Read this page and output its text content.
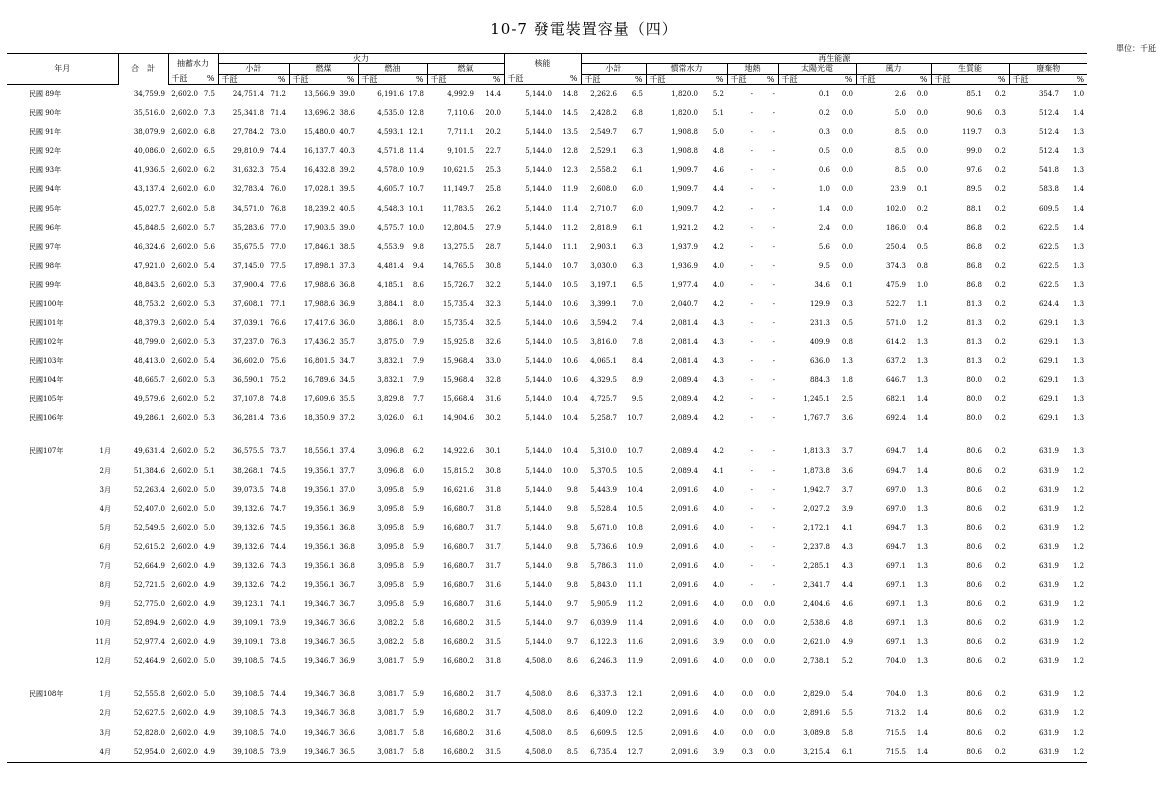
10-7 發電裝置容量（四）
單位：千瓩
年月		合　計	抽蓄水力		火力								核能		再生能源													
					小計		燃煤		燃油		燃氣				小計		慣常水力		地熱		太陽光電		風力		生質能		廢棄物	
			千瓩	%	千瓩	%	千瓩	%	千瓩	%	千瓩	%	千瓩	%	千瓩	%	千瓩	%	千瓩	%	千瓩	%	千瓩	%	千瓩	%	千瓩	%
民國 89年		34,759.9	2,602.0	7.5	24,751.4	71.2	13,566.9	39.0	6,191.6	17.8	4,992.9	14.4	5,144.0	14.8	2,262.6	6.5	1,820.0	5.2	-	-	0.1	0.0	2.6	0.0	85.1	0.2	354.7	1.0
民國 90年		35,516.0	2,602.0	7.3	25,341.8	71.4	13,696.2	38.6	4,535.0	12.8	7,110.6	20.0	5,144.0	14.5	2,428.2	6.8	1,820.0	5.1	-	-	0.2	0.0	5.0	0.0	90.6	0.3	512.4	1.4
民國 91年		38,079.9	2,602.0	6.8	27,784.2	73.0	15,480.0	40.7	4,593.1	12.1	7,711.1	20.2	5,144.0	13.5	2,549.7	6.7	1,908.8	5.0	-	-	0.3	0.0	8.5	0.0	119.7	0.3	512.4	1.3
民國 92年		40,086.0	2,602.0	6.5	29,810.9	74.4	16,137.7	40.3	4,571.8	11.4	9,101.5	22.7	5,144.0	12.8	2,529.1	6.3	1,908.8	4.8	-	-	0.5	0.0	8.5	0.0	99.0	0.2	512.4	1.3
民國 93年		41,936.5	2,602.0	6.2	31,632.3	75.4	16,432.8	39.2	4,578.0	10.9	10,621.5	25.3	5,144.0	12.3	2,558.2	6.1	1,909.7	4.6	-	-	0.6	0.0	8.5	0.0	97.6	0.2	541.8	1.3
民國 94年		43,137.4	2,602.0	6.0	32,783.4	76.0	17,028.1	39.5	4,605.7	10.7	11,149.7	25.8	5,144.0	11.9	2,608.0	6.0	1,909.7	4.4	-	-	1.0	0.0	23.9	0.1	89.5	0.2	583.8	1.4
民國 95年		45,027.7	2,602.0	5.8	34,571.0	76.8	18,239.2	40.5	4,548.3	10.1	11,783.5	26.2	5,144.0	11.4	2,710.7	6.0	1,909.7	4.2	-	-	1.4	0.0	102.0	0.2	88.1	0.2	609.5	1.4
民國 96年		45,848.5	2,602.0	5.7	35,283.6	77.0	17,903.5	39.0	4,575.7	10.0	12,804.5	27.9	5,144.0	11.2	2,818.9	6.1	1,921.2	4.2	-	-	2.4	0.0	186.0	0.4	86.8	0.2	622.5	1.4
民國 97年		46,324.6	2,602.0	5.6	35,675.5	77.0	17,846.1	38.5	4,553.9	9.8	13,275.5	28.7	5,144.0	11.1	2,903.1	6.3	1,937.9	4.2	-	-	5.6	0.0	250.4	0.5	86.8	0.2	622.5	1.3
民國 98年		47,921.0	2,602.0	5.4	37,145.0	77.5	17,898.1	37.3	4,481.4	9.4	14,765.5	30.8	5,144.0	10.7	3,030.0	6.3	1,936.9	4.0	-	-	9.5	0.0	374.3	0.8	86.8	0.2	622.5	1.3
民國 99年		48,843.5	2,602.0	5.3	37,900.4	77.6	17,988.6	36.8	4,185.1	8.6	15,726.7	32.2	5,144.0	10.5	3,197.1	6.5	1,977.4	4.0	-	-	34.6	0.1	475.9	1.0	86.8	0.2	622.5	1.3
民國100年		48,753.2	2,602.0	5.3	37,608.1	77.1	17,988.6	36.9	3,884.1	8.0	15,735.4	32.3	5,144.0	10.6	3,399.1	7.0	2,040.7	4.2	-	-	129.9	0.3	522.7	1.1	81.3	0.2	624.4	1.3
民國101年		48,379.3	2,602.0	5.4	37,039.1	76.6	17,417.6	36.0	3,886.1	8.0	15,735.4	32.5	5,144.0	10.6	3,594.2	7.4	2,081.4	4.3	-	-	231.3	0.5	571.0	1.2	81.3	0.2	629.1	1.3
民國102年		48,799.0	2,602.0	5.3	37,237.0	76.3	17,436.2	35.7	3,875.0	7.9	15,925.8	32.6	5,144.0	10.5	3,816.0	7.8	2,081.4	4.3	-	-	409.9	0.8	614.2	1.3	81.3	0.2	629.1	1.3
民國103年		48,413.0	2,602.0	5.4	36,602.0	75.6	16,801.5	34.7	3,832.1	7.9	15,968.4	33.0	5,144.0	10.6	4,065.1	8.4	2,081.4	4.3	-	-	636.0	1.3	637.2	1.3	81.3	0.2	629.1	1.3
民國104年		48,665.7	2,602.0	5.3	36,590.1	75.2	16,789.6	34.5	3,832.1	7.9	15,968.4	32.8	5,144.0	10.6	4,329.5	8.9	2,089.4	4.3	-	-	884.3	1.8	646.7	1.3	80.0	0.2	629.1	1.3
民國105年		49,579.6	2,602.0	5.2	37,107.8	74.8	17,609.6	35.5	3,829.8	7.7	15,668.4	31.6	5,144.0	10.4	4,725.7	9.5	2,089.4	4.2	-	-	1,245.1	2.5	682.1	1.4	80.0	0.2	629.1	1.3
民國106年		49,286.1	2,602.0	5.3	36,281.4	73.6	18,350.9	37.2	3,026.0	6.1	14,904.6	30.2	5,144.0	10.4	5,258.7	10.7	2,089.4	4.2	-	-	1,767.7	3.6	692.4	1.4	80.0	0.2	629.1	1.3

民國107年	1月	49,631.4	2,602.0	5.2	36,575.5	73.7	18,556.1	37.4	3,096.8	6.2	14,922.6	30.1	5,144.0	10.4	5,310.0	10.7	2,089.4	4.2	-	-	1,813.3	3.7	694.7	1.4	80.6	0.2	631.9	1.3
	2月	51,384.6	2,602.0	5.1	38,268.1	74.5	19,356.1	37.7	3,096.8	6.0	15,815.2	30.8	5,144.0	10.0	5,370.5	10.5	2,089.4	4.1	-	-	1,873.8	3.6	694.7	1.4	80.6	0.2	631.9	1.2
	3月	52,263.4	2,602.0	5.0	39,073.5	74.8	19,356.1	37.0	3,095.8	5.9	16,621.6	31.8	5,144.0	9.8	5,443.9	10.4	2,091.6	4.0	-	-	1,942.7	3.7	697.0	1.3	80.6	0.2	631.9	1.2
	4月	52,407.0	2,602.0	5.0	39,132.6	74.7	19,356.1	36.9	3,095.8	5.9	16,680.7	31.8	5,144.0	9.8	5,528.4	10.5	2,091.6	4.0	-	-	2,027.2	3.9	697.0	1.3	80.6	0.2	631.9	1.2
	5月	52,549.5	2,602.0	5.0	39,132.6	74.5	19,356.1	36.8	3,095.8	5.9	16,680.7	31.7	5,144.0	9.8	5,671.0	10.8	2,091.6	4.0	-	-	2,172.1	4.1	694.7	1.3	80.6	0.2	631.9	1.2
	6月	52,615.2	2,602.0	4.9	39,132.6	74.4	19,356.1	36.8	3,095.8	5.9	16,680.7	31.7	5,144.0	9.8	5,736.6	10.9	2,091.6	4.0	-	-	2,237.8	4.3	694.7	1.3	80.6	0.2	631.9	1.2
	7月	52,664.9	2,602.0	4.9	39,132.6	74.3	19,356.1	36.8	3,095.8	5.9	16,680.7	31.7	5,144.0	9.8	5,786.3	11.0	2,091.6	4.0	-	-	2,285.1	4.3	697.1	1.3	80.6	0.2	631.9	1.2
	8月	52,721.5	2,602.0	4.9	39,132.6	74.2	19,356.1	36.7	3,095.8	5.9	16,680.7	31.6	5,144.0	9.8	5,843.0	11.1	2,091.6	4.0	-	-	2,341.7	4.4	697.1	1.3	80.6	0.2	631.9	1.2
	9月	52,775.0	2,602.0	4.9	39,123.1	74.1	19,346.7	36.7	3,095.8	5.9	16,680.7	31.6	5,144.0	9.7	5,905.9	11.2	2,091.6	4.0	0.0	0.0	2,404.6	4.6	697.1	1.3	80.6	0.2	631.9	1.2
	10月	52,894.9	2,602.0	4.9	39,109.1	73.9	19,346.7	36.6	3,082.2	5.8	16,680.2	31.5	5,144.0	9.7	6,039.9	11.4	2,091.6	4.0	0.0	0.0	2,538.6	4.8	697.1	1.3	80.6	0.2	631.9	1.2
	11月	52,977.4	2,602.0	4.9	39,109.1	73.8	19,346.7	36.5	3,082.2	5.8	16,680.2	31.5	5,144.0	9.7	6,122.3	11.6	2,091.6	3.9	0.0	0.0	2,621.0	4.9	697.1	1.3	80.6	0.2	631.9	1.2
	12月	52,464.9	2,602.0	5.0	39,108.5	74.5	19,346.7	36.9	3,081.7	5.9	16,680.2	31.8	4,508.0	8.6	6,246.3	11.9	2,091.6	4.0	0.0	0.0	2,738.1	5.2	704.0	1.3	80.6	0.2	631.9	1.2

民國108年	1月	52,555.8	2,602.0	5.0	39,108.5	74.4	19,346.7	36.8	3,081.7	5.9	16,680.2	31.7	4,508.0	8.6	6,337.3	12.1	2,091.6	4.0	0.0	0.0	2,829.0	5.4	704.0	1.3	80.6	0.2	631.9	1.2
	2月	52,627.5	2,602.0	4.9	39,108.5	74.3	19,346.7	36.8	3,081.7	5.9	16,680.2	31.7	4,508.0	8.6	6,409.0	12.2	2,091.6	4.0	0.0	0.0	2,891.6	5.5	713.2	1.4	80.6	0.2	631.9	1.2
	3月	52,828.0	2,602.0	4.9	39,108.5	74.0	19,346.7	36.6	3,081.7	5.8	16,680.2	31.6	4,508.0	8.5	6,609.5	12.5	2,091.6	4.0	0.0	0.0	3,089.8	5.8	715.5	1.4	80.6	0.2	631.9	1.2
	4月	52,954.0	2,602.0	4.9	39,108.5	73.9	19,346.7	36.5	3,081.7	5.8	16,680.2	31.5	4,508.0	8.5	6,735.4	12.7	2,091.6	3.9	0.3	0.0	3,215.4	6.1	715.5	1.4	80.6	0.2	631.9	1.2
